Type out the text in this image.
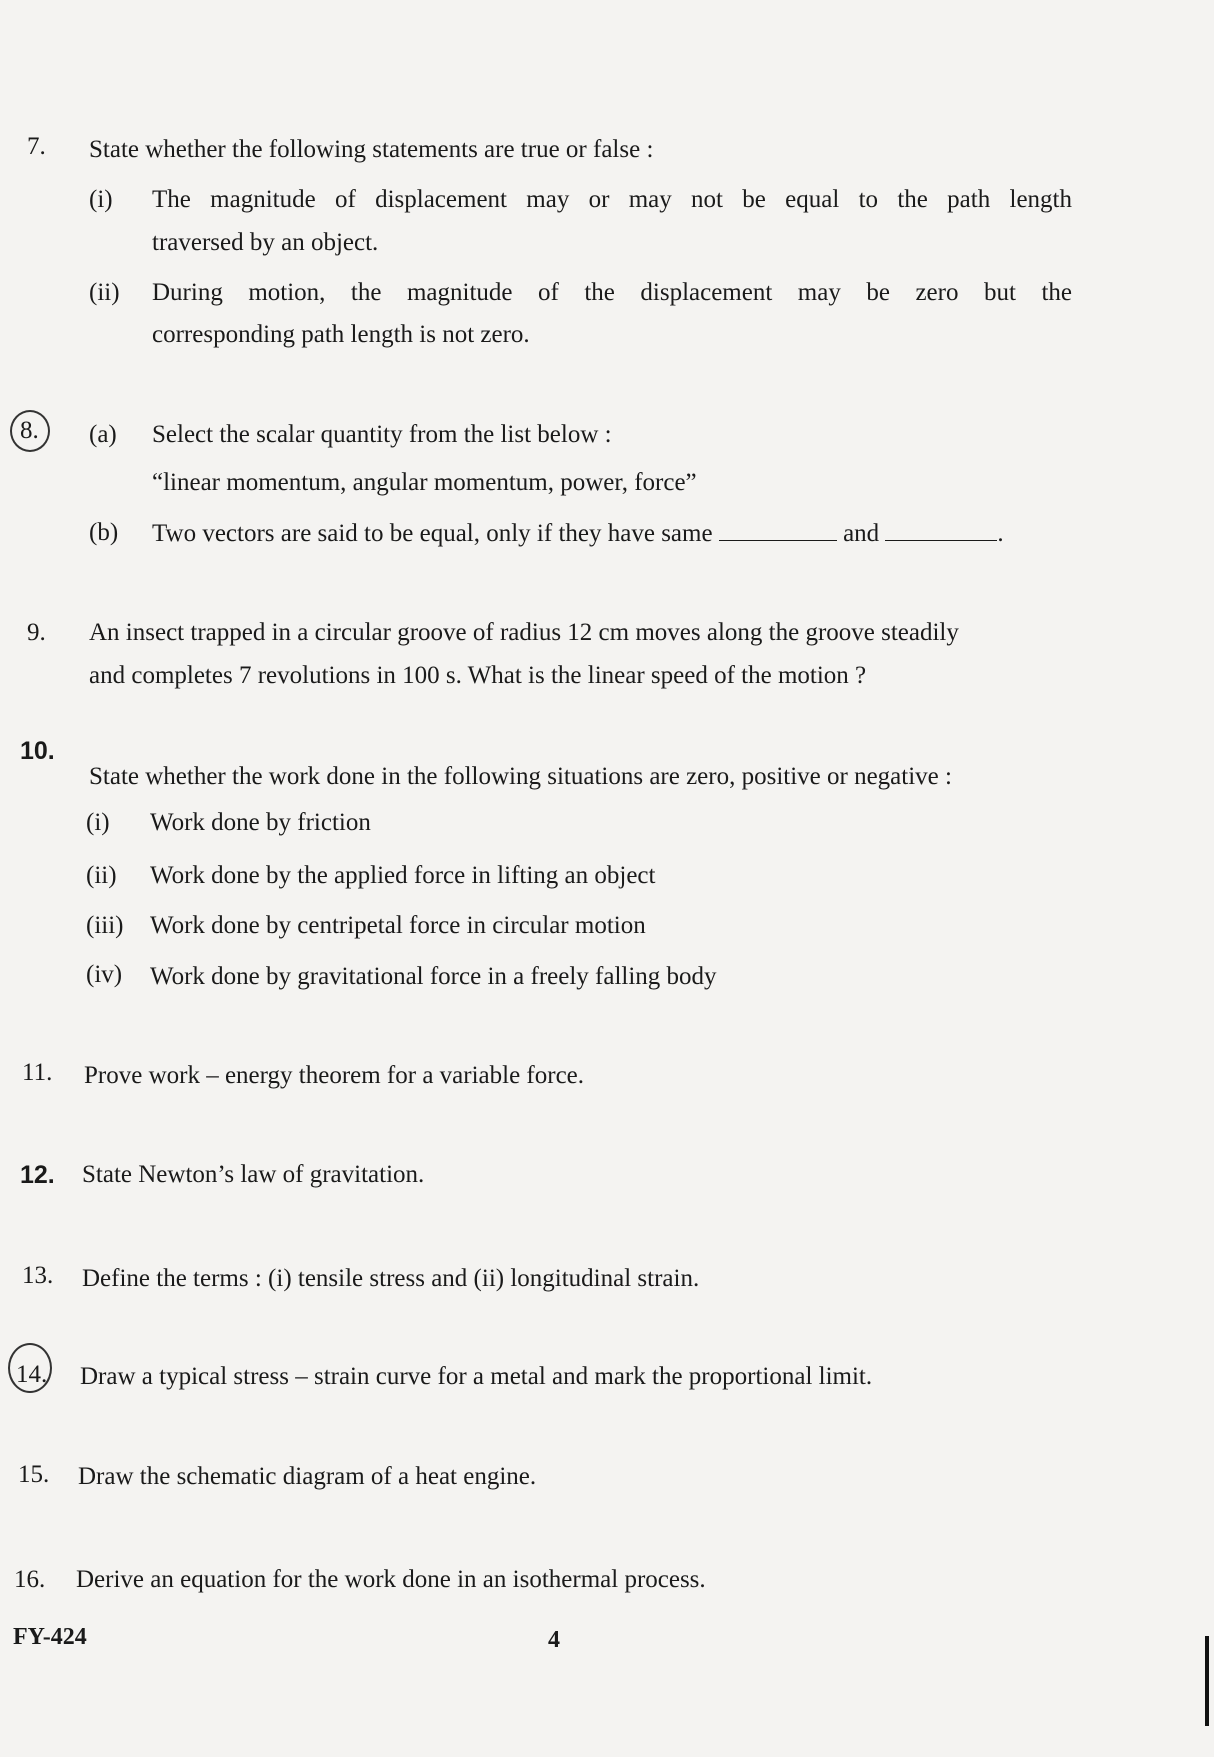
7. State whether the following statements are true or false :
(i) The magnitude of displacement may or may not be equal to the path length
traversed by an object.
(ii) During motion, the magnitude of the displacement may be zero but the
corresponding path length is not zero.
8. (a) Select the scalar quantity from the list below :
“linear momentum, angular momentum, power, force”
(b) Two vectors are said to be equal, only if they have same	and	.
9. An insect trapped in a circular groove of radius 12 cm moves along the groove steadily
and completes 7 revolutions in 100 s. What is the linear speed of the motion ?
10.
State whether the work done in the following situations are zero, positive or negative :
(i) Work done by friction
(ii) Work done by the applied force in lifting an object
(iii) Work done by centripetal force in circular motion
(iv) Work done by gravitational force in a freely falling body
11. Prove work – energy theorem for a variable force.
12. State Newton’s law of gravitation.
13. Define the terms : (i) tensile stress and (ii) longitudinal strain.
14. Draw a typical stress – strain curve for a metal and mark the proportional limit.
15. Draw the schematic diagram of a heat engine.
16. Derive an equation for the work done in an isothermal process.
FY-424	4
